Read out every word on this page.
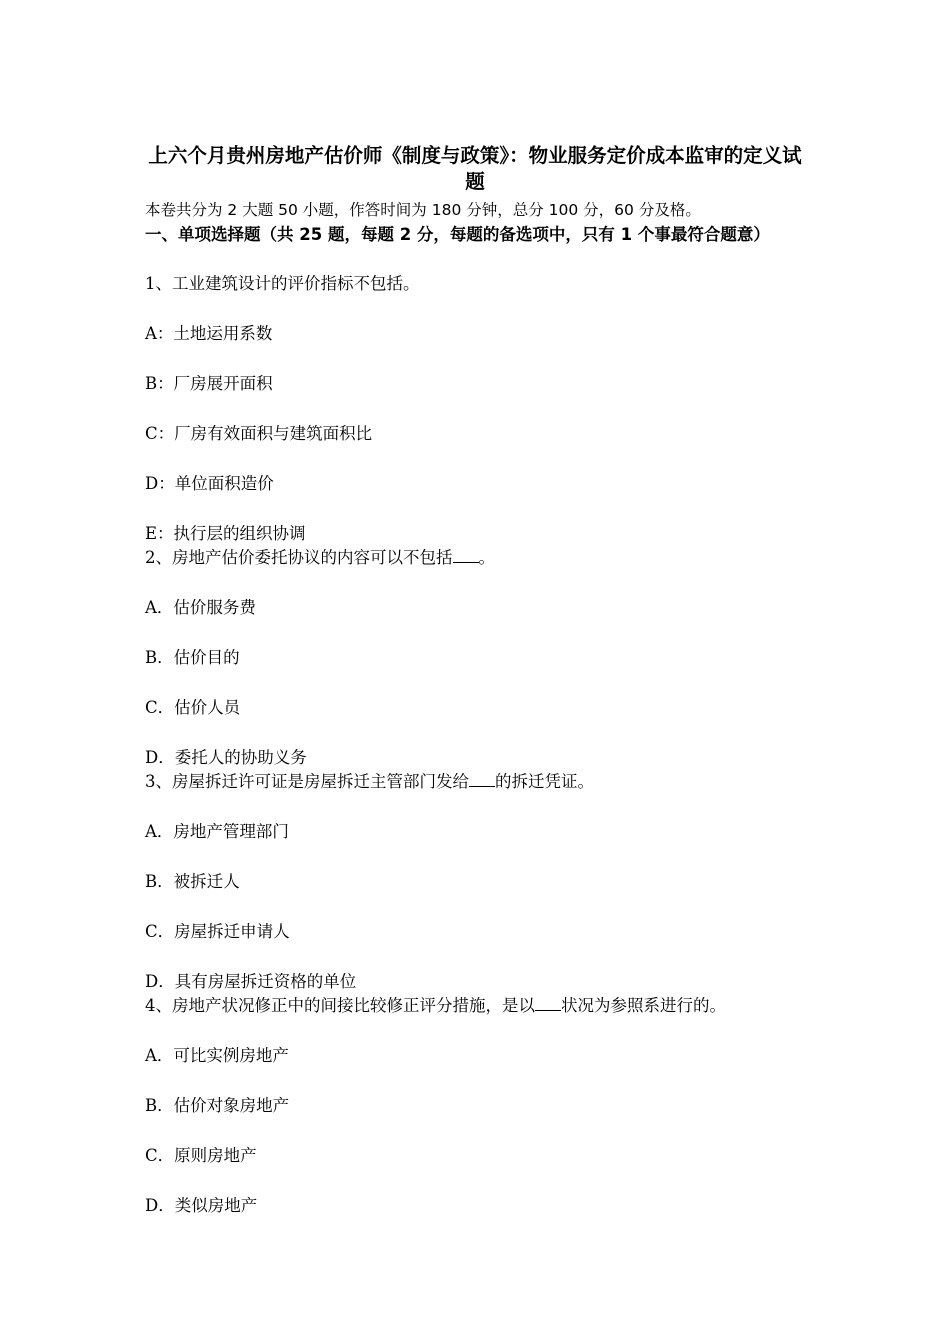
上六个月贵州房地产估价师《制度与政策》：物业服务定价成本监审的定义试题
本卷共分为 2 大题 50 小题，作答时间为 180 分钟，总分 100 分，60 分及格。
一、单项选择题（共 25 题，每题 2 分，每题的备选项中，只有 1 个事最符合题意）
1、工业建筑设计的评价指标不包括。
A：土地运用系数
B：厂房展开面积
C：厂房有效面积与建筑面积比
D：单位面积造价
E：执行层的组织协调
2、房地产估价委托协议的内容可以不包括 。
A．估价服务费
B．估价目的
C．估价人员
D．委托人的协助义务
3、房屋拆迁许可证是房屋拆迁主管部门发给 的拆迁凭证。
A．房地产管理部门
B．被拆迁人
C．房屋拆迁申请人
D．具有房屋拆迁资格的单位
4、房地产状况修正中的间接比较修正评分措施，是以 状况为参照系进行的。
A．可比实例房地产
B．估价对象房地产
C．原则房地产
D．类似房地产
